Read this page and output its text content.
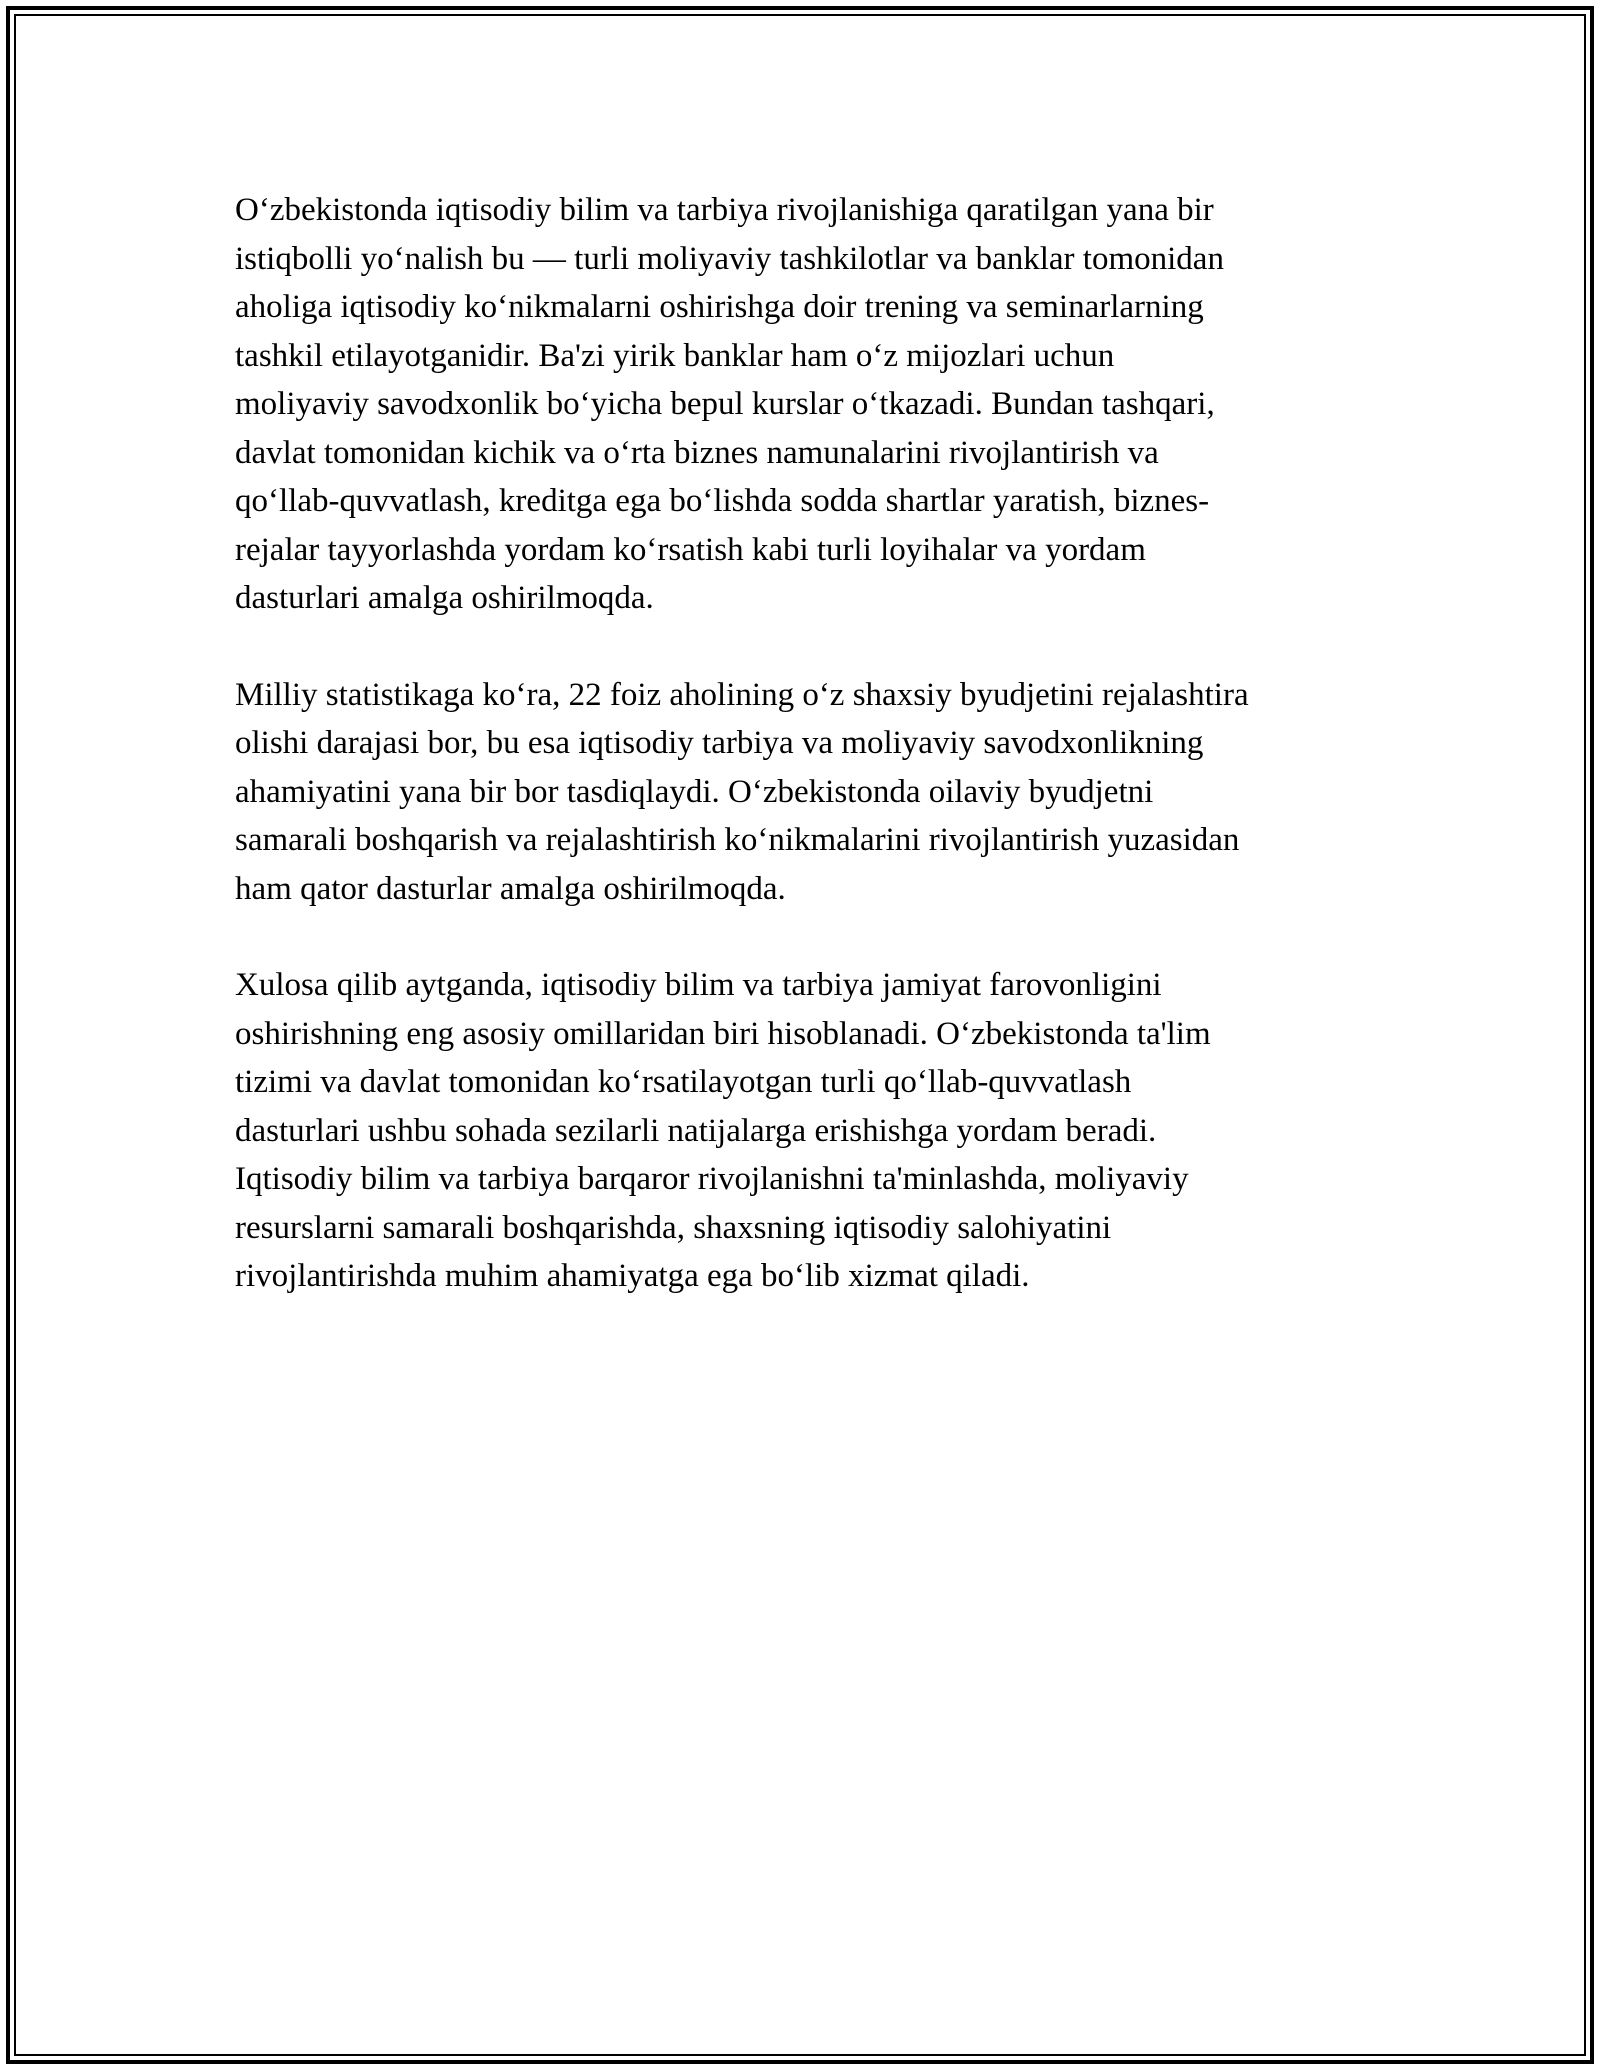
O‘zbekistonda iqtisodiy bilim va tarbiya rivojlanishiga qaratilgan yana bir
istiqbolli yo‘nalish bu — turli moliyaviy tashkilotlar va banklar tomonidan
aholiga iqtisodiy ko‘nikmalarni oshirishga doir trening va seminarlarning
tashkil etilayotganidir. Ba'zi yirik banklar ham o‘z mijozlari uchun
moliyaviy savodxonlik bo‘yicha bepul kurslar o‘tkazadi. Bundan tashqari,
davlat tomonidan kichik va o‘rta biznes namunalarini rivojlantirish va
qo‘llab-quvvatlash, kreditga ega bo‘lishda sodda shartlar yaratish, biznes-
rejalar tayyorlashda yordam ko‘rsatish kabi turli loyihalar va yordam
dasturlari amalga oshirilmoqda.

Milliy statistikaga ko‘ra, 22 foiz aholining o‘z shaxsiy byudjetini rejalashtira
olishi darajasi bor, bu esa iqtisodiy tarbiya va moliyaviy savodxonlikning
ahamiyatini yana bir bor tasdiqlaydi. O‘zbekistonda oilaviy byudjetni
samarali boshqarish va rejalashtirish ko‘nikmalarini rivojlantirish yuzasidan
ham qator dasturlar amalga oshirilmoqda.

Xulosa qilib aytganda, iqtisodiy bilim va tarbiya jamiyat farovonligini
oshirishning eng asosiy omillaridan biri hisoblanadi. O‘zbekistonda ta'lim
tizimi va davlat tomonidan ko‘rsatilayotgan turli qo‘llab-quvvatlash
dasturlari ushbu sohada sezilarli natijalarga erishishga yordam beradi.
Iqtisodiy bilim va tarbiya barqaror rivojlanishni ta'minlashda, moliyaviy
resurslarni samarali boshqarishda, shaxsning iqtisodiy salohiyatini
rivojlantirishda muhim ahamiyatga ega bo‘lib xizmat qiladi.
